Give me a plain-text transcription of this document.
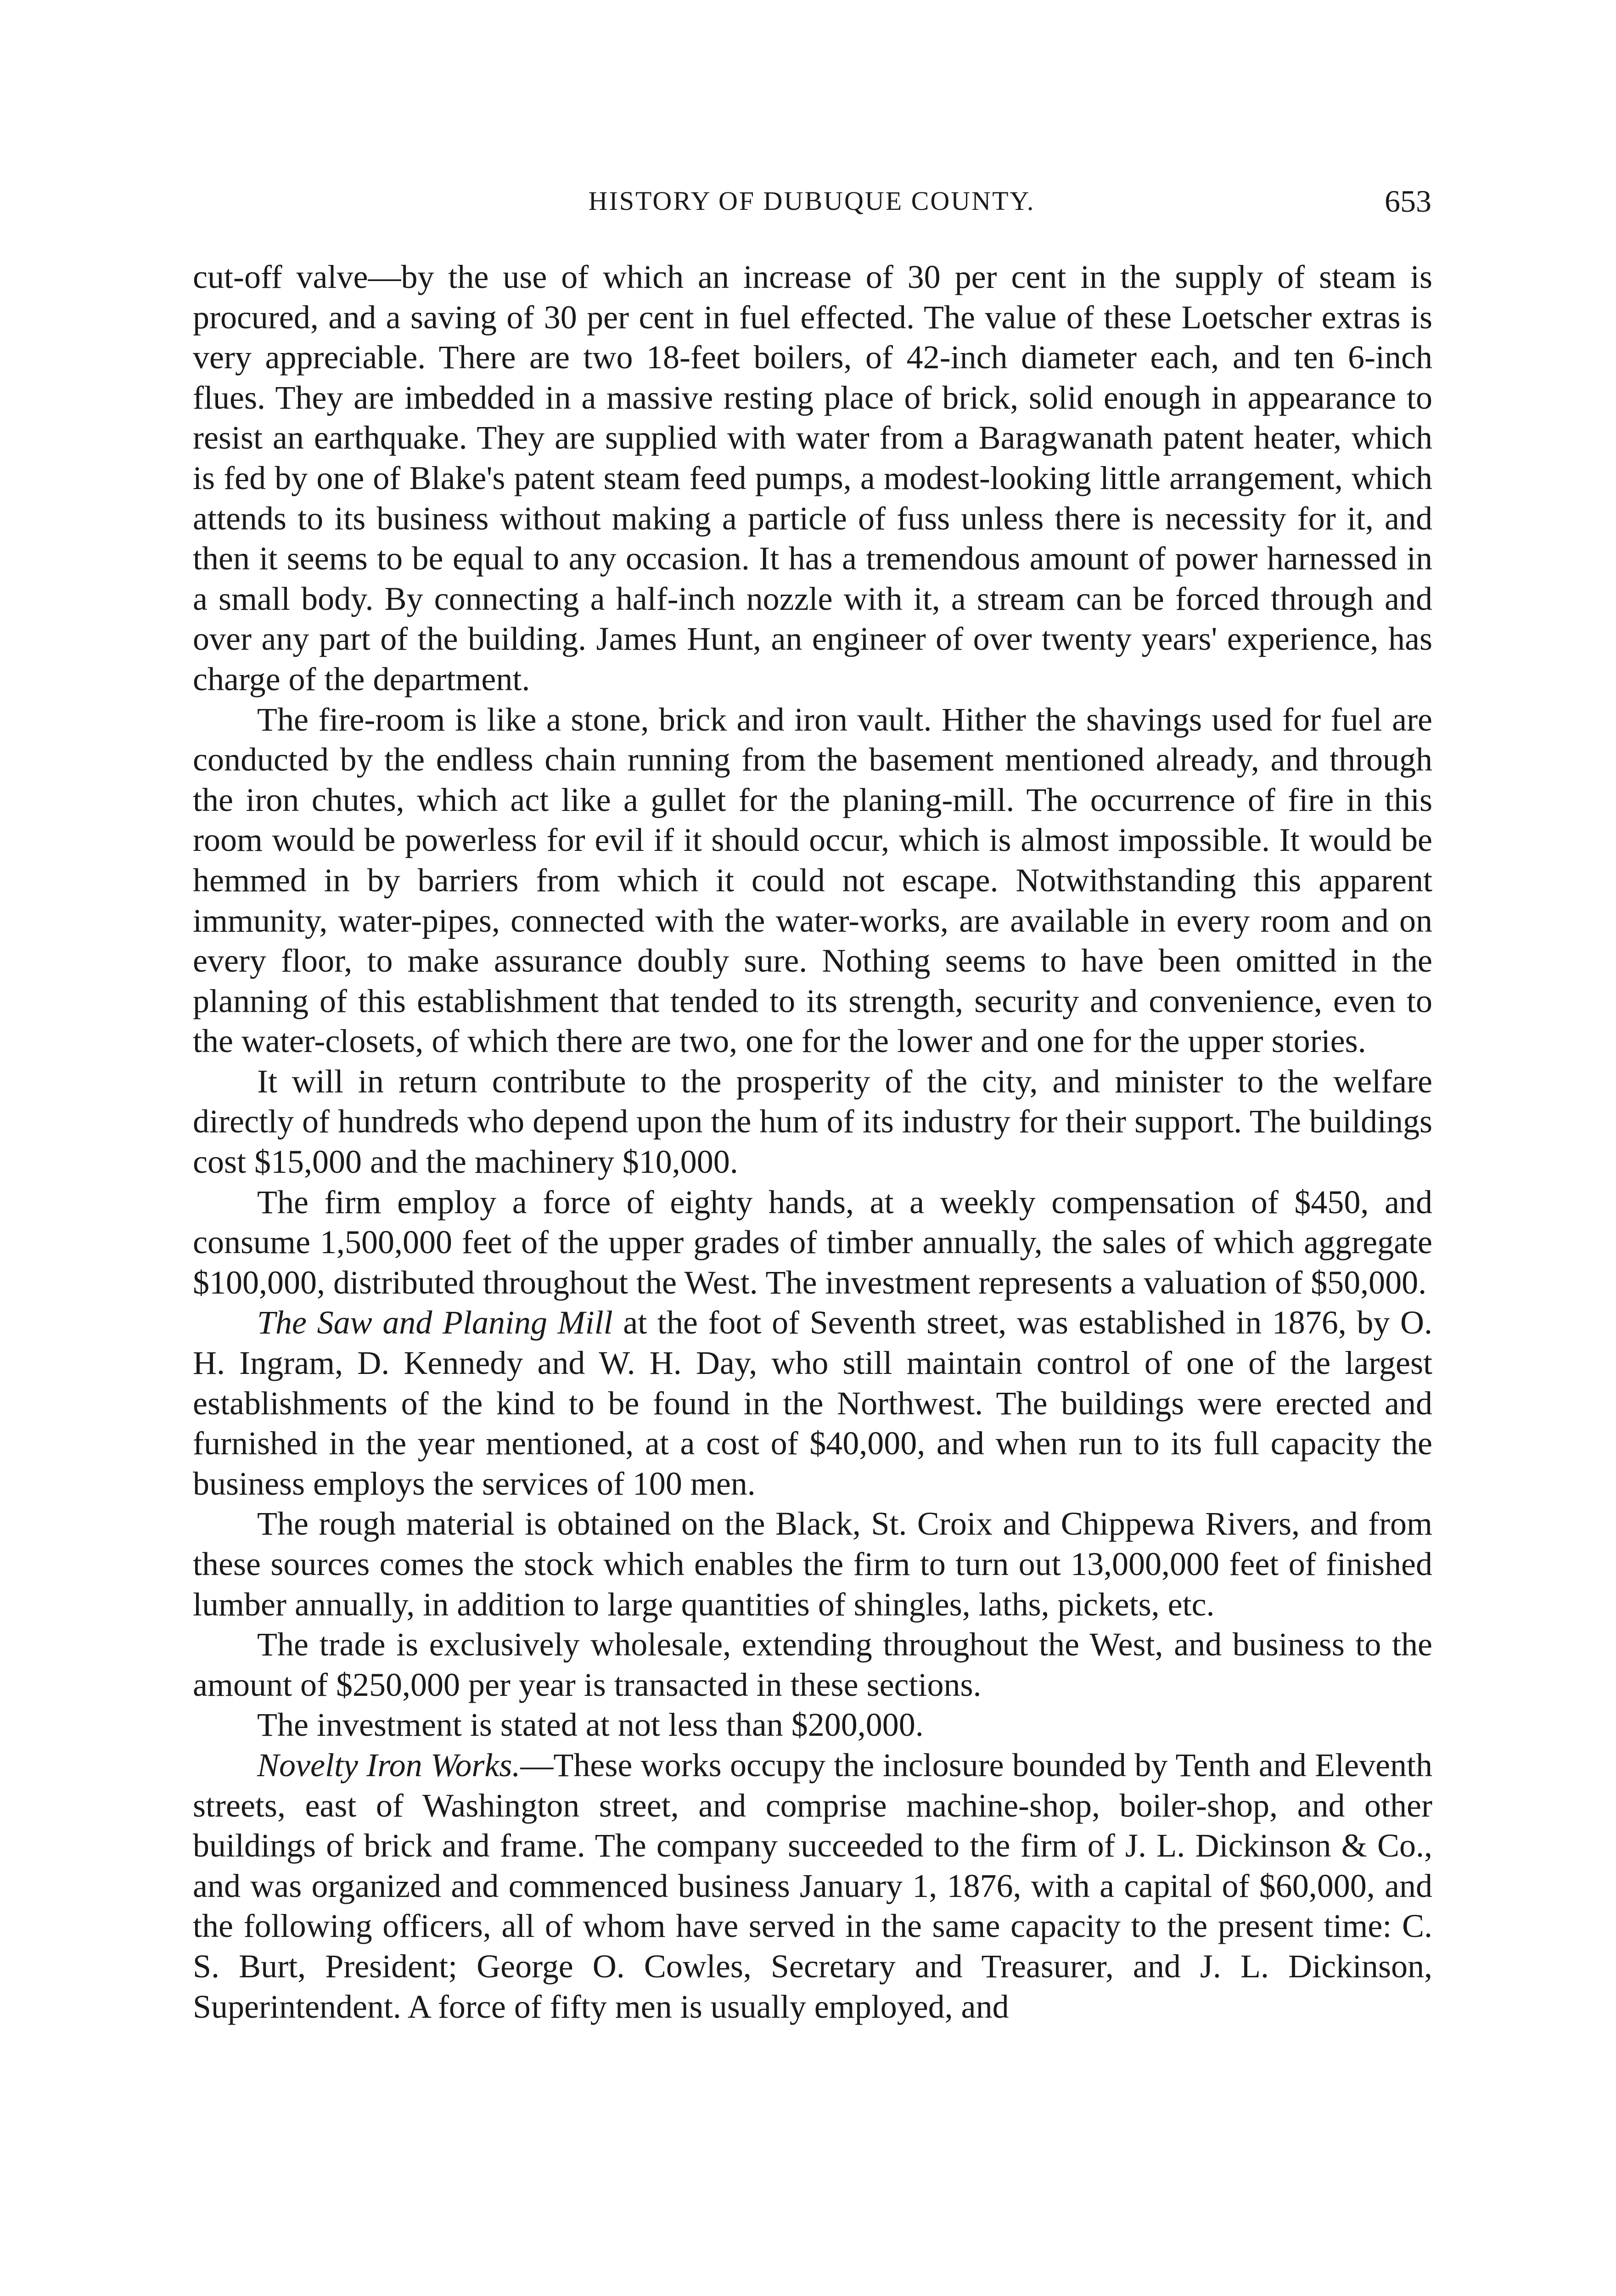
HISTORY OF DUBUQUE COUNTY.	653

cut-off valve—by the use of which an increase of 30 per cent in the supply of steam is procured, and a saving of 30 per cent in fuel effected. The value of these Loetscher extras is very appreciable. There are two 18-feet boilers, of 42-inch diameter each, and ten 6-inch flues. They are imbedded in a massive resting place of brick, solid enough in appearance to resist an earthquake. They are supplied with water from a Baragwanath patent heater, which is fed by one of Blake's patent steam feed pumps, a modest-looking little arrangement, which attends to its business without making a particle of fuss unless there is necessity for it, and then it seems to be equal to any occasion. It has a tremendous amount of power harnessed in a small body. By connecting a half-inch nozzle with it, a stream can be forced through and over any part of the building. James Hunt, an engineer of over twenty years' experience, has charge of the department.

The fire-room is like a stone, brick and iron vault. Hither the shavings used for fuel are conducted by the endless chain running from the basement mentioned already, and through the iron chutes, which act like a gullet for the planing-mill. The occurrence of fire in this room would be powerless for evil if it should occur, which is almost impossible. It would be hemmed in by barriers from which it could not escape. Notwithstanding this apparent immunity, water-pipes, connected with the water-works, are available in every room and on every floor, to make assurance doubly sure. Nothing seems to have been omitted in the planning of this establishment that tended to its strength, security and convenience, even to the water-closets, of which there are two, one for the lower and one for the upper stories.

It will in return contribute to the prosperity of the city, and minister to the welfare directly of hundreds who depend upon the hum of its industry for their support. The buildings cost $15,000 and the machinery $10,000.

The firm employ a force of eighty hands, at a weekly compensation of $450, and consume 1,500,000 feet of the upper grades of timber annually, the sales of which aggregate $100,000, distributed throughout the West. The investment represents a valuation of $50,000.

The Saw and Planing Mill at the foot of Seventh street, was established in 1876, by O. H. Ingram, D. Kennedy and W. H. Day, who still maintain control of one of the largest establishments of the kind to be found in the Northwest. The buildings were erected and furnished in the year mentioned, at a cost of $40,000, and when run to its full capacity the business employs the services of 100 men.

The rough material is obtained on the Black, St. Croix and Chippewa Rivers, and from these sources comes the stock which enables the firm to turn out 13,000,000 feet of finished lumber annually, in addition to large quantities of shingles, laths, pickets, etc.

The trade is exclusively wholesale, extending throughout the West, and business to the amount of $250,000 per year is transacted in these sections.

The investment is stated at not less than $200,000.

Novelty Iron Works.—These works occupy the inclosure bounded by Tenth and Eleventh streets, east of Washington street, and comprise machine-shop, boiler-shop, and other buildings of brick and frame. The company succeeded to the firm of J. L. Dickinson & Co., and was organized and commenced business January 1, 1876, with a capital of $60,000, and the following officers, all of whom have served in the same capacity to the present time: C. S. Burt, President; George O. Cowles, Secretary and Treasurer, and J. L. Dickinson, Superintendent. A force of fifty men is usually employed, and
